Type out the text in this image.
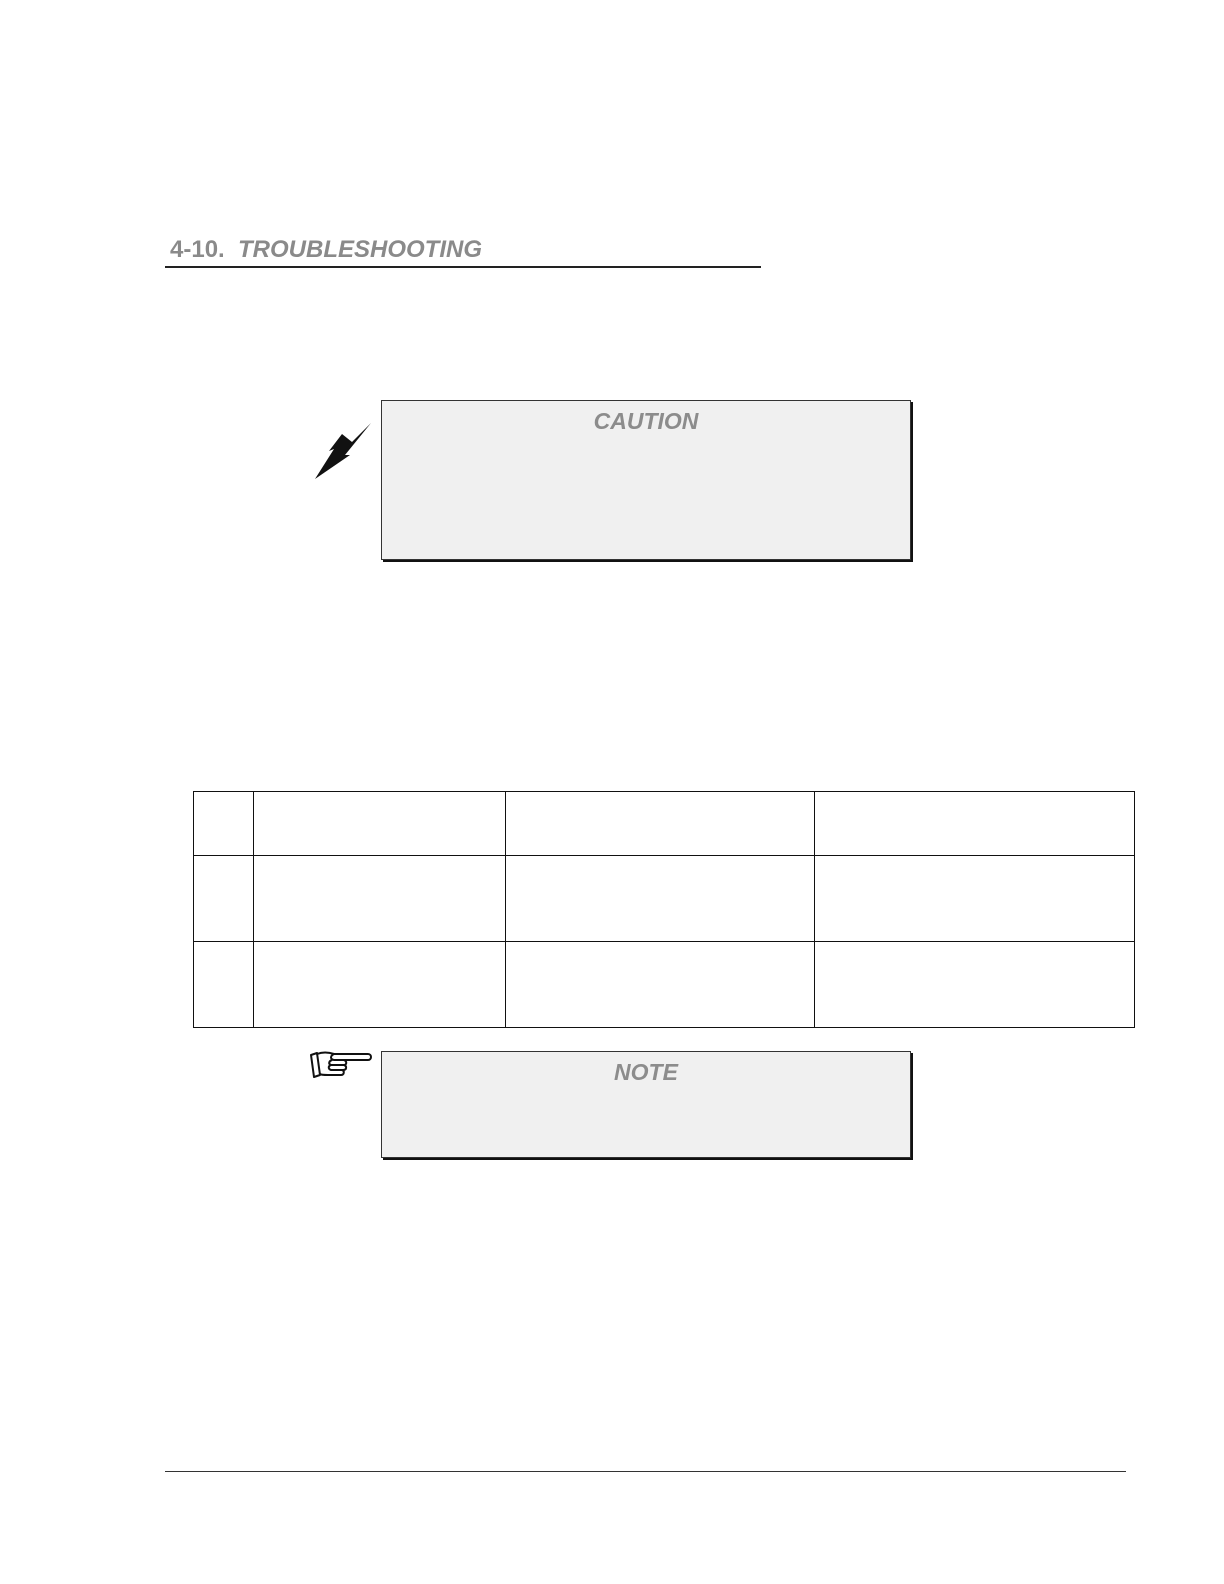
4-10. TROUBLESHOOTING
CAUTION

NOTE
